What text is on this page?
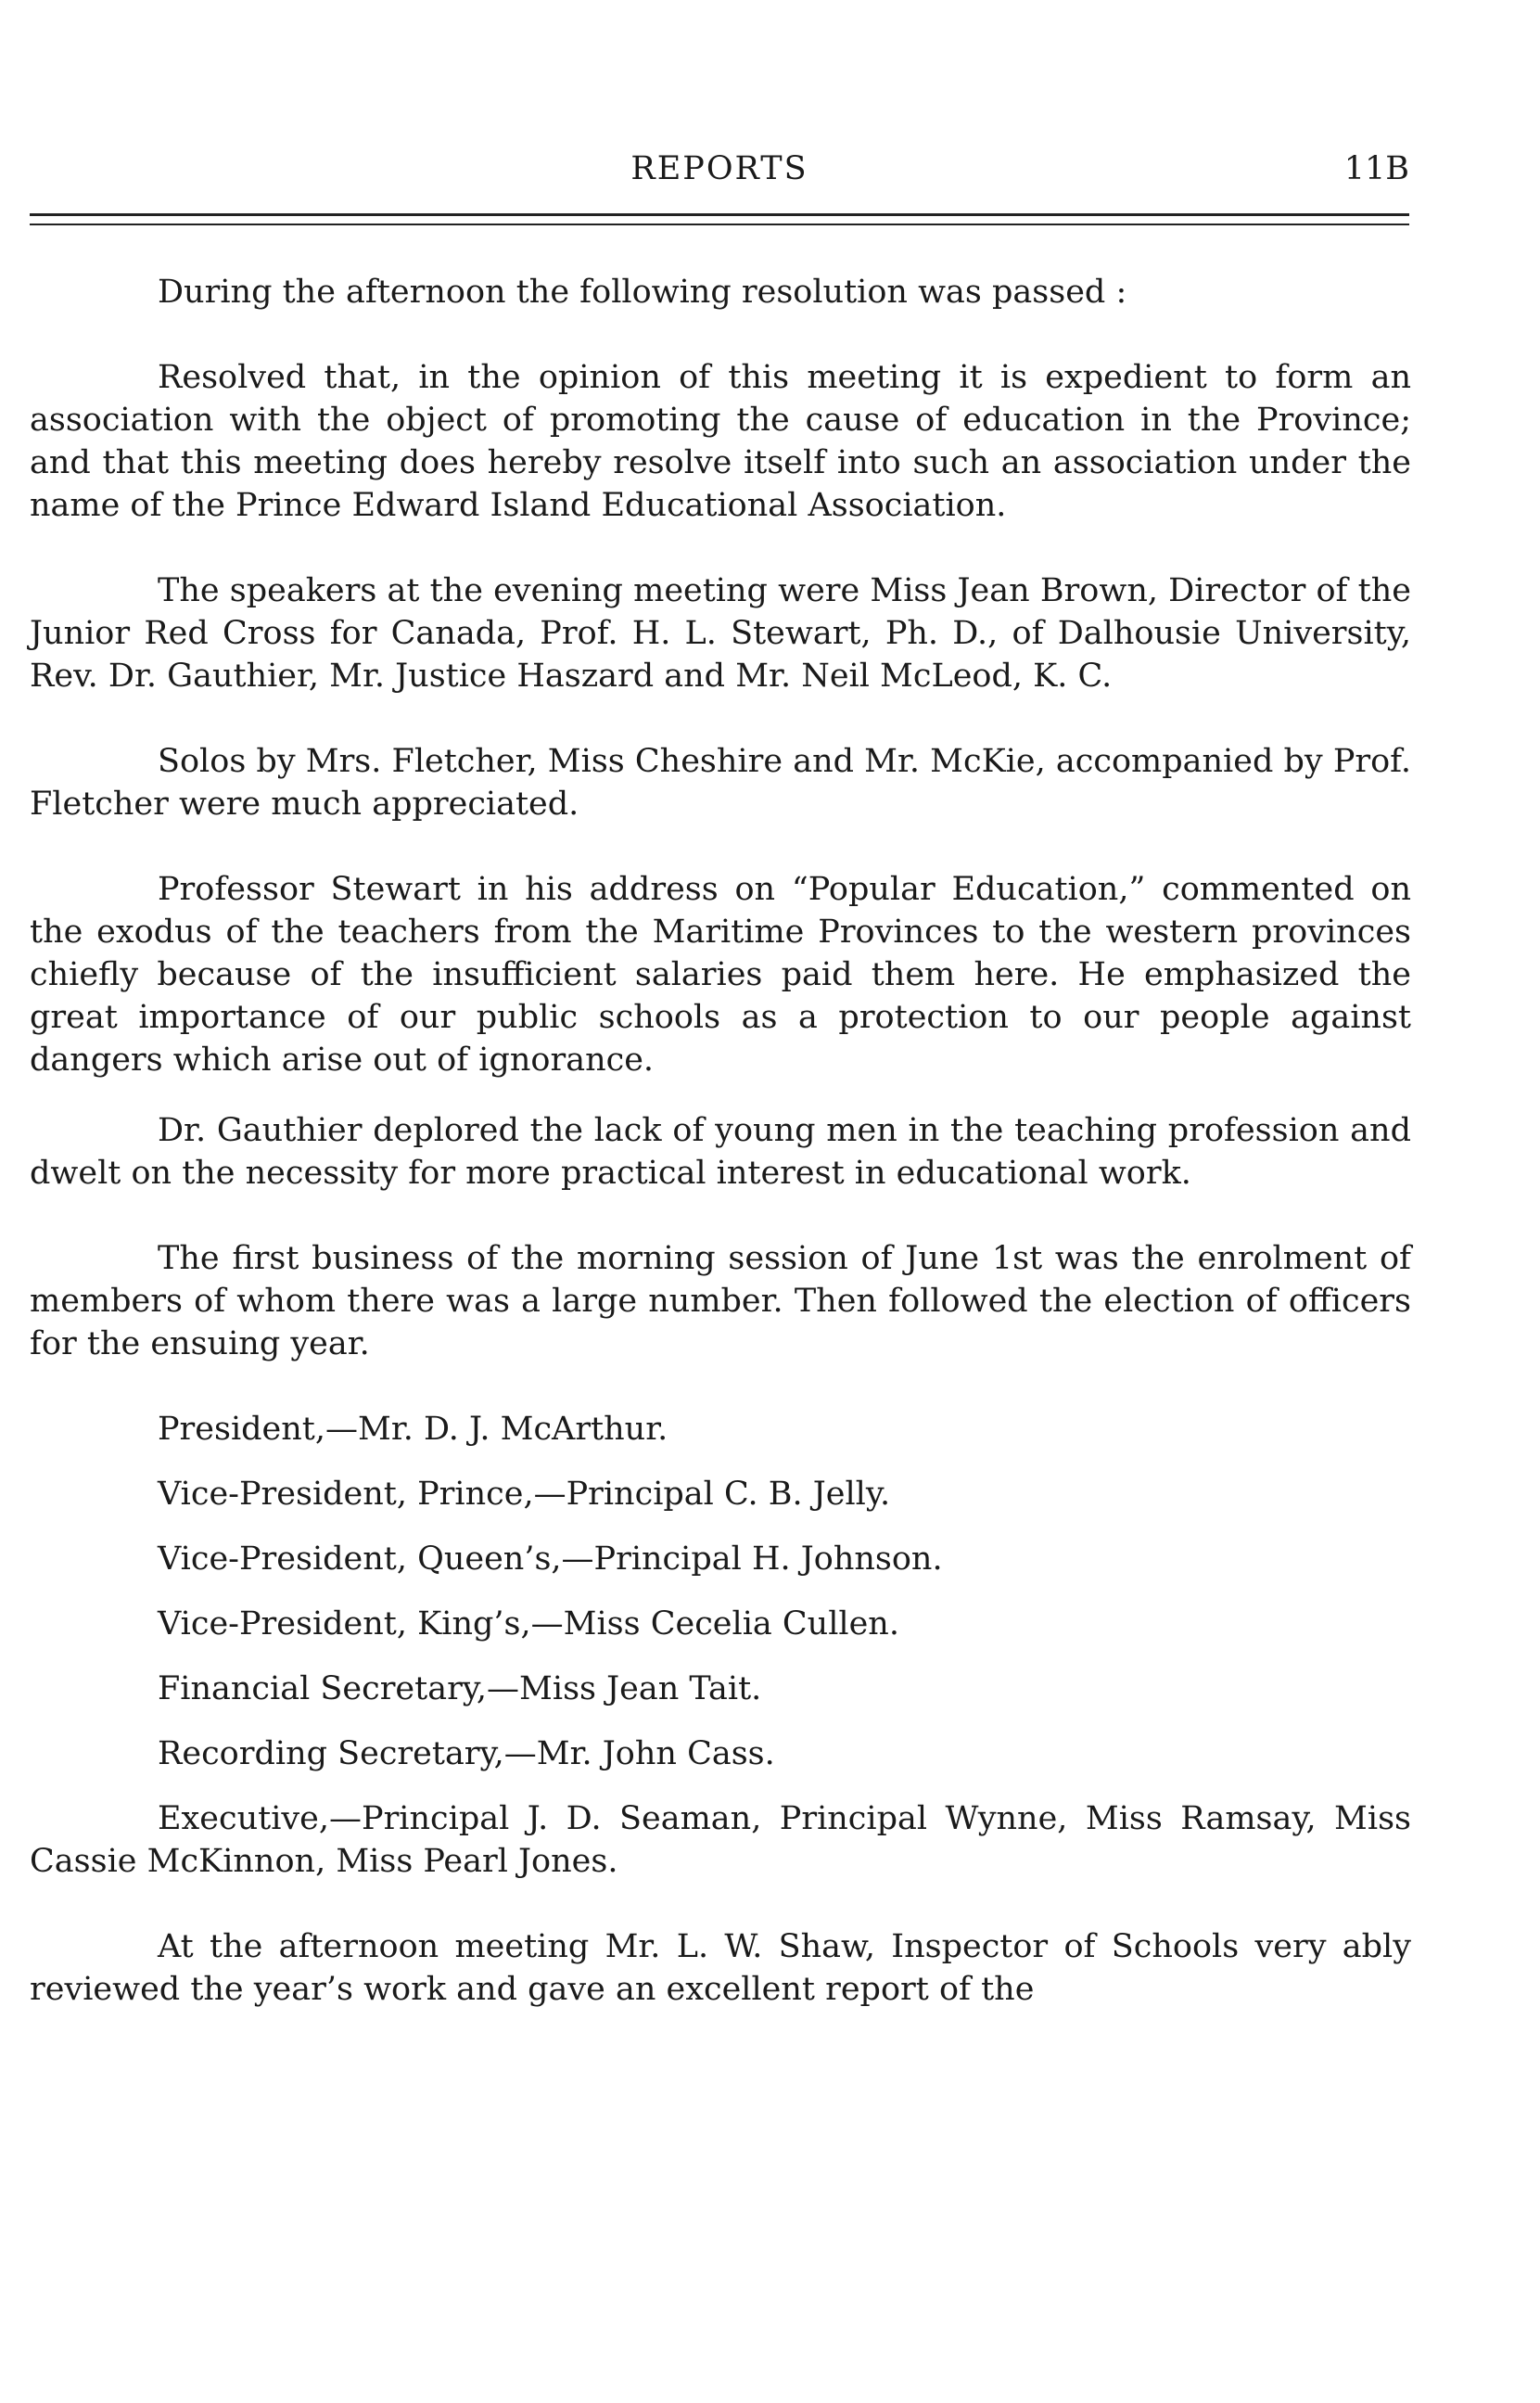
REPORTS	11B

During the afternoon the following resolution was passed :

Resolved that, in the opinion of this meeting it is expedient to form an association with the object of promoting the cause of education in the Province; and that this meeting does hereby resolve itself into such an association under the name of the Prince Edward Island Educational Association.

The speakers at the evening meeting were Miss Jean Brown, Director of the Junior Red Cross for Canada, Prof. H. L. Stewart, Ph. D., of Dalhousie University, Rev. Dr. Gauthier, Mr. Justice Haszard and Mr. Neil McLeod, K. C.

Solos by Mrs. Fletcher, Miss Cheshire and Mr. McKie, accompanied by Prof. Fletcher were much appreciated.

Professor Stewart in his address on “Popular Education,” commented on the exodus of the teachers from the Maritime Provinces to the western provinces chiefly because of the insufficient salaries paid them here. He emphasized the great importance of our public schools as a protection to our people against dangers which arise out of ignorance.

Dr. Gauthier deplored the lack of young men in the teaching profession and dwelt on the necessity for more practical interest in educational work.

The first business of the morning session of June 1st was the enrolment of members of whom there was a large number. Then followed the election of officers for the ensuing year.

President,—Mr. D. J. McArthur.

Vice-President, Prince,—Principal C. B. Jelly.

Vice-President, Queen’s,—Principal H. Johnson.

Vice-President, King’s,—Miss Cecelia Cullen.

Financial Secretary,—Miss Jean Tait.

Recording Secretary,—Mr. John Cass.

Executive,—Principal J. D. Seaman, Principal Wynne, Miss Ramsay, Miss Cassie McKinnon, Miss Pearl Jones.

At the afternoon meeting Mr. L. W. Shaw, Inspector of Schools very ably reviewed the year’s work and gave an excellent report of the
